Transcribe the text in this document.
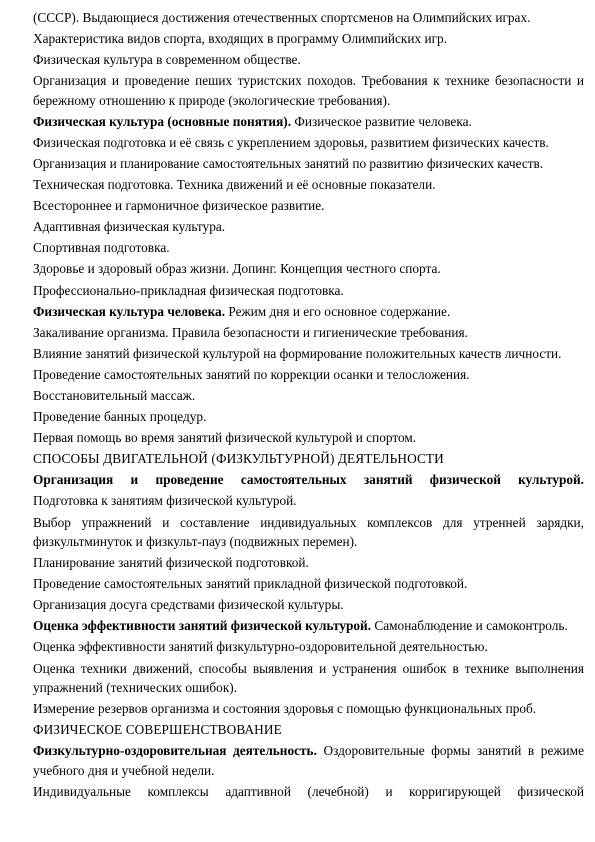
(СССР). Выдающиеся достижения отечественных спортсменов на Олимпийских играх.

Характеристика видов спорта, входящих в программу Олимпийских игр.

Физическая культура в современном обществе.

Организация и проведение пеших туристских походов. Требования к технике безопасности и бережному отношению к природе (экологические требования).

Физическая культура (основные понятия). Физическое развитие человека.

Физическая подготовка и её связь с укреплением здоровья, развитием физических качеств.

Организация и планирование самостоятельных занятий по развитию физических качеств.

Техническая подготовка. Техника движений и её основные показатели.

Всестороннее и гармоничное физическое развитие.

Адаптивная физическая культура.

Спортивная подготовка.

Здоровье и здоровый образ жизни. Допинг. Концепция честного спорта.

Профессионально-прикладная физическая подготовка.

Физическая культура человека. Режим дня и его основное содержание.

Закаливание организма. Правила безопасности и гигиенические требования.

Влияние занятий физической культурой на формирование положительных качеств личности.

Проведение самостоятельных занятий по коррекции осанки и телосложения.

Восстановительный массаж.

Проведение банных процедур.

Первая помощь во время занятий физической культурой и спортом.

СПОСОБЫ ДВИГАТЕЛЬНОЙ (ФИЗКУЛЬТУРНОЙ) ДЕЯТЕЛЬНОСТИ

Организация и проведение самостоятельных занятий физической культурой.

Подготовка к занятиям физической культурой.

Выбор упражнений и составление индивидуальных комплексов для утренней зарядки, физкультминуток и физкульт-пауз (подвижных перемен).

Планирование занятий физической подготовкой.

Проведение самостоятельных занятий прикладной физической подготовкой.

Организация досуга средствами физической культуры.

Оценка эффективности занятий физической культурой. Самонаблюдение и самоконтроль.

Оценка эффективности занятий физкультурно-оздоровительной деятельностью.

Оценка техники движений, способы выявления и устранения ошибок в технике выполнения упражнений (технических ошибок).

Измерение резервов организма и состояния здоровья с помощью функциональных проб.

ФИЗИЧЕСКОЕ СОВЕРШЕНСТВОВАНИЕ

Физкультурно-оздоровительная деятельность. Оздоровительные формы занятий в режиме учебного дня и учебной недели.

Индивидуальные комплексы адаптивной (лечебной) и корригирующей физической
